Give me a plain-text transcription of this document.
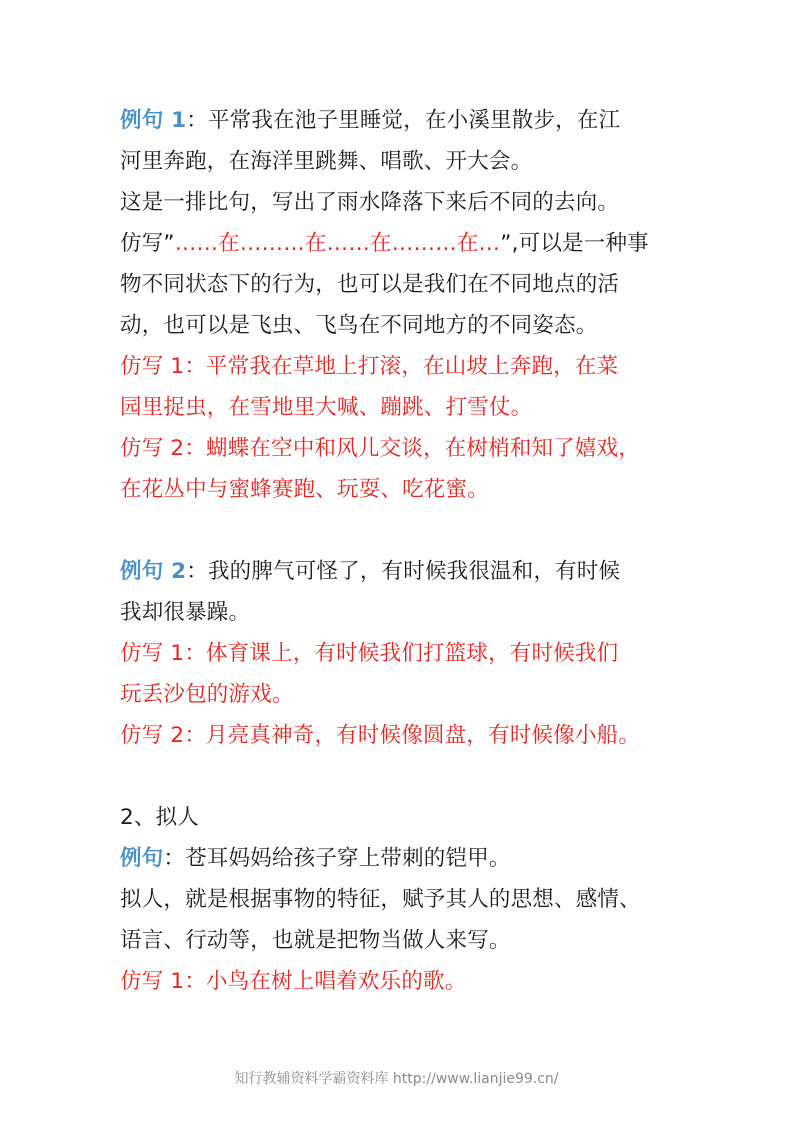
例句 1：平常我在池子里睡觉，在小溪里散步，在江
河里奔跑，在海洋里跳舞、唱歌、开大会。
这是一排比句，写出了雨水降落下来后不同的去向。
仿写”……在………在……在………在…”,可以是一种事
物不同状态下的行为，也可以是我们在不同地点的活
动，也可以是飞虫、飞鸟在不同地方的不同姿态。
仿写 1：平常我在草地上打滚，在山坡上奔跑，在菜
园里捉虫，在雪地里大喊、蹦跳、打雪仗。
仿写 2：蝴蝶在空中和风儿交谈，在树梢和知了嬉戏，
在花丛中与蜜蜂赛跑、玩耍、吃花蜜。
例句 2：我的脾气可怪了，有时候我很温和，有时候
我却很暴躁。
仿写 1：体育课上，有时候我们打篮球，有时候我们
玩丢沙包的游戏。
仿写 2：月亮真神奇，有时候像圆盘，有时候像小船。
2、拟人
例句：苍耳妈妈给孩子穿上带刺的铠甲。
拟人，就是根据事物的特征，赋予其人的思想、感情、
语言、行动等，也就是把物当做人来写。
仿写 1：小鸟在树上唱着欢乐的歌。
知行教辅资料学霸资料库 http://www.lianjie99.cn/
